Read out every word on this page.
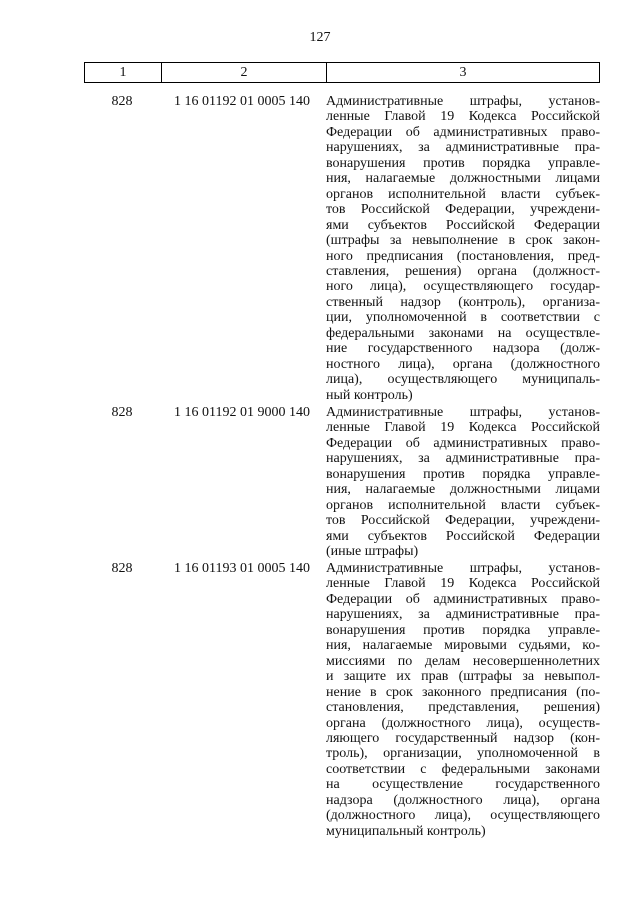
127
1	2	3
828	1 16 01192 01 0005 140	Административные штрафы, установ-
ленные Главой 19 Кодекса Российской
Федерации об административных право-
нарушениях, за административные пра-
вонарушения против порядка управле-
ния, налагаемые должностными лицами
органов исполнительной власти субъек-
тов Российской Федерации, учреждени-
ями субъектов Российской Федерации
(штрафы за невыполнение в срок закон-
ного предписания (постановления, пред-
ставления, решения) органа (должност-
ного лица), осуществляющего государ-
ственный надзор (контроль), организа-
ции, уполномоченной в соответствии с
федеральными законами на осуществле-
ние государственного надзора (долж-
ностного лица), органа (должностного
лица), осуществляющего муниципаль-
ный контроль)
828	1 16 01192 01 9000 140	Административные штрафы, установ-
ленные Главой 19 Кодекса Российской
Федерации об административных право-
нарушениях, за административные пра-
вонарушения против порядка управле-
ния, налагаемые должностными лицами
органов исполнительной власти субъек-
тов Российской Федерации, учреждени-
ями субъектов Российской Федерации
(иные штрафы)
828	1 16 01193 01 0005 140	Административные штрафы, установ-
ленные Главой 19 Кодекса Российской
Федерации об административных право-
нарушениях, за административные пра-
вонарушения против порядка управле-
ния, налагаемые мировыми судьями, ко-
миссиями по делам несовершеннолетних
и защите их прав (штрафы за невыпол-
нение в срок законного предписания (по-
становления, представления, решения)
органа (должностного лица), осуществ-
ляющего государственный надзор (кон-
троль), организации, уполномоченной в
соответствии с федеральными законами
на осуществление государственного
надзора (должностного лица), органа
(должностного лица), осуществляющего
муниципальный контроль)
